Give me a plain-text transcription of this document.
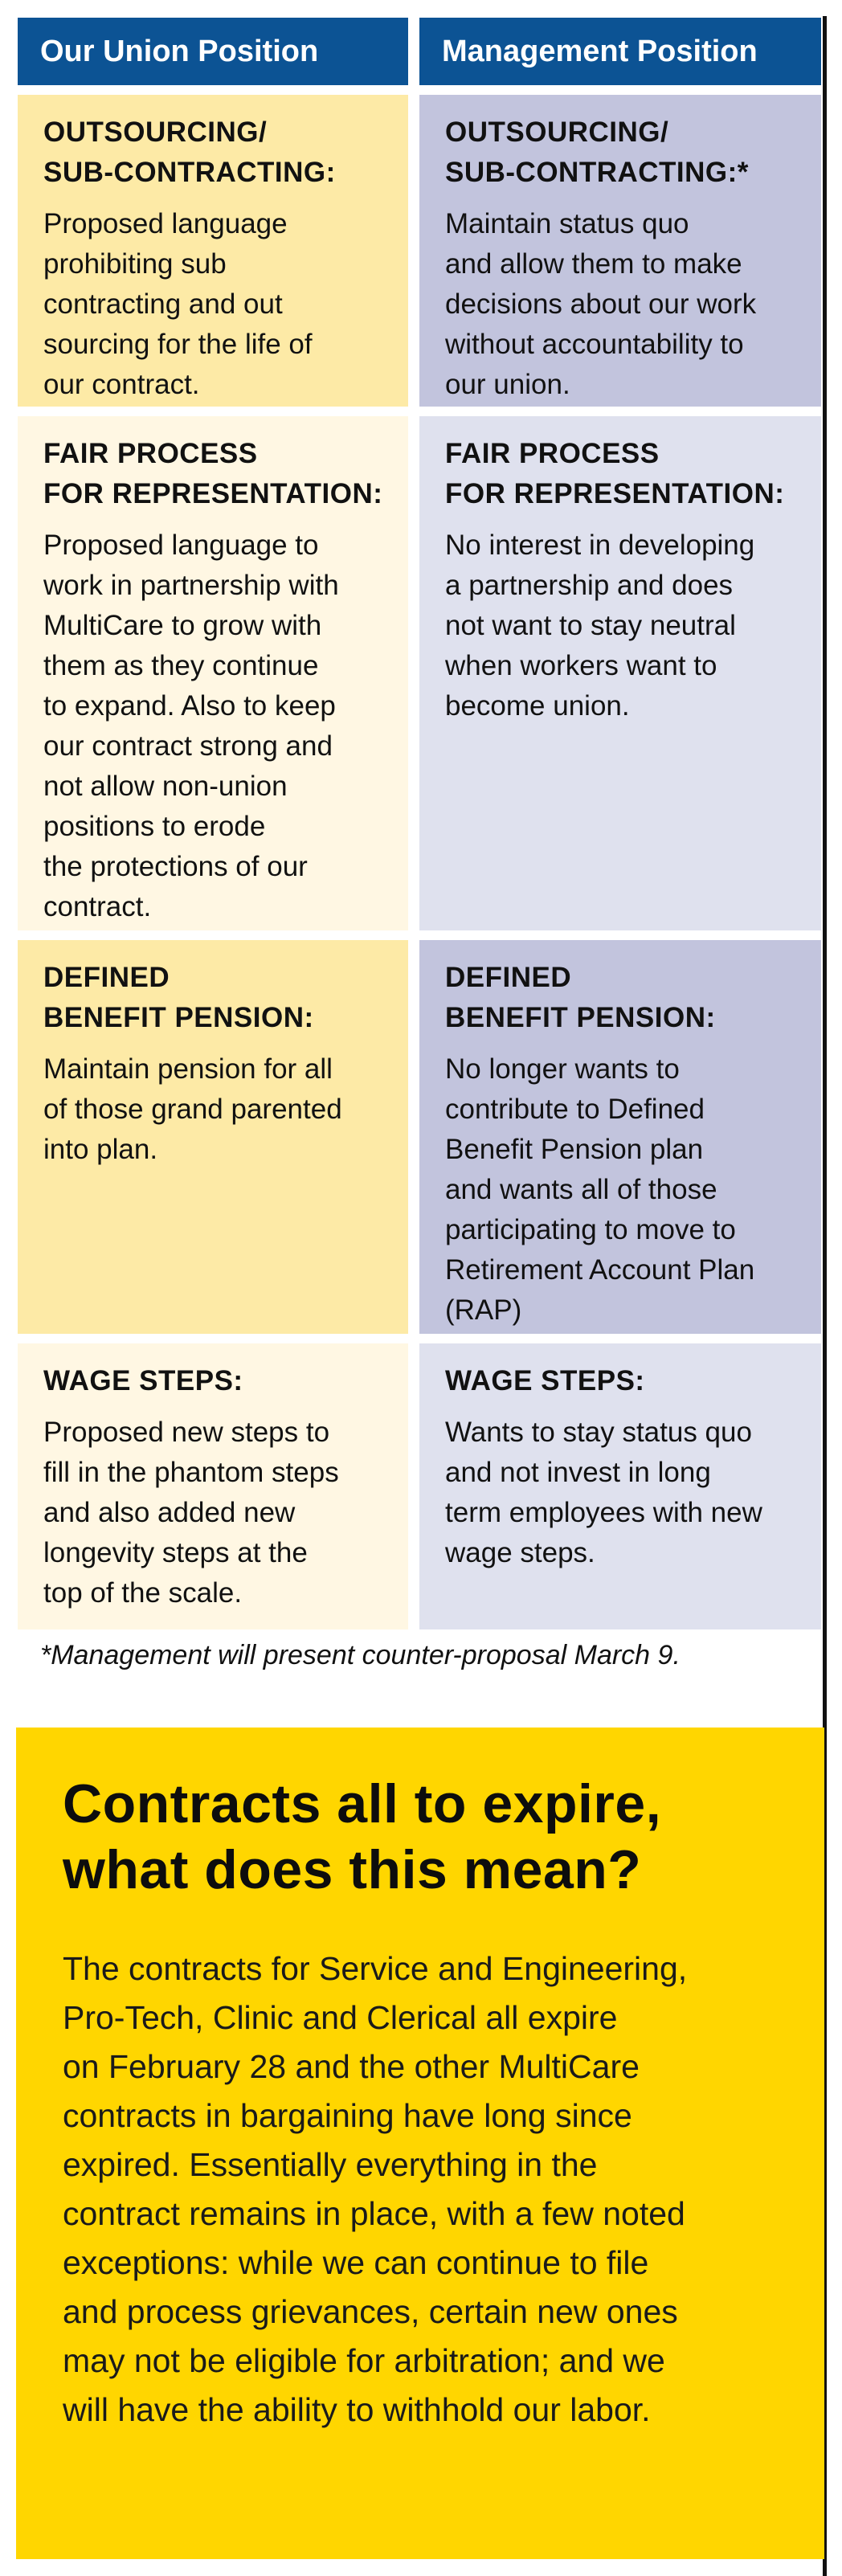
Our Union Position	Management Position
OUTSOURCING/
SUB-CONTRACTING:
Proposed language
prohibiting sub
contracting and out
sourcing for the life of
our contract.
OUTSOURCING/
SUB-CONTRACTING:*
Maintain status quo
and allow them to make
decisions about our work
without accountability to
our union.
FAIR PROCESS
FOR REPRESENTATION:
Proposed language to
work in partnership with
MultiCare to grow with
them as they continue
to expand. Also to keep
our contract strong and
not allow non-union
positions to erode
the protections of our
contract.
FAIR PROCESS
FOR REPRESENTATION:
No interest in developing
a partnership and does
not want to stay neutral
when workers want to
become union.
DEFINED
BENEFIT PENSION:
Maintain pension for all
of those grand parented
into plan.
DEFINED
BENEFIT PENSION:
No longer wants to
contribute to Defined
Benefit Pension plan
and wants all of those
participating to move to
Retirement Account Plan
(RAP)
WAGE STEPS:
Proposed new steps to
fill in the phantom steps
and also added new
longevity steps at the
top of the scale.
WAGE STEPS:
Wants to stay status quo
and not invest in long
term employees with new
wage steps.
*Management will present counter-proposal March 9.
Contracts all to expire,
what does this mean?
The contracts for Service and Engineering,
Pro-Tech, Clinic and Clerical all expire
on February 28 and the other MultiCare
contracts in bargaining have long since
expired. Essentially everything in the
contract remains in place, with a few noted
exceptions: while we can continue to file
and process grievances, certain new ones
may not be eligible for arbitration; and we
will have the ability to withhold our labor.
